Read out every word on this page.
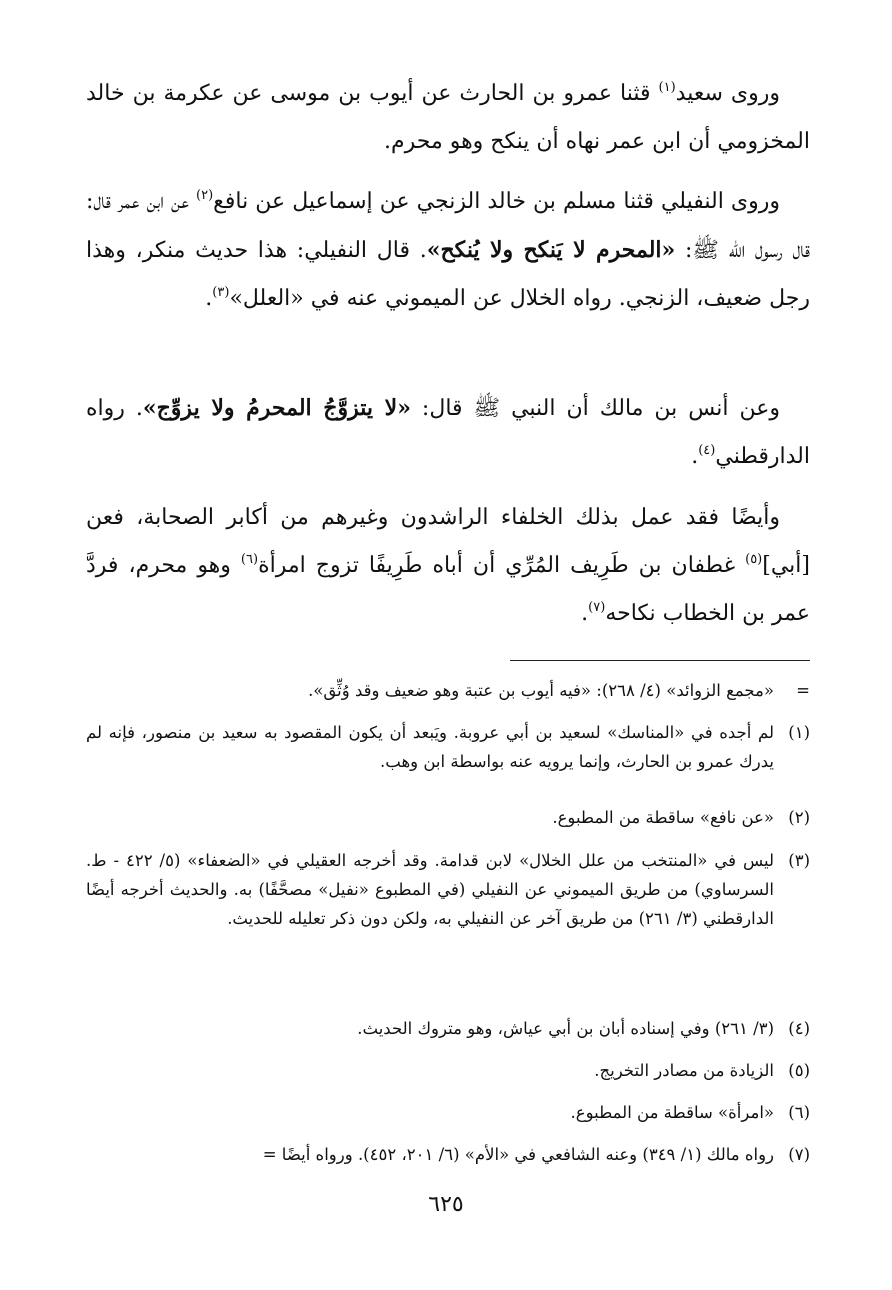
وروى سعيد$^{(١)}$ قثنا عمرو بن الحارث عن أيوب بن موسى عن عكرمة بن خالد المخزومي أن ابن عمر نهاه أن ينكح وهو محرم.

وروى النفيلي قثنا مسلم بن خالد الزنجي عن إسماعيل عن نافع$^{(٢)}$ عن ابن عمر قال: قال رسول الله ﷺ: «المحرم لا يَنكح ولا يُنكح». قال النفيلي: هذا حديث منكر، وهذا رجل ضعيف، الزنجي. رواه الخلال عن الميموني عنه في «العلل»$^{(٣)}$.

وعن أنس بن مالك أن النبي ﷺ قال: «لا يتزوَّجُ المحرمُ ولا يزوِّج». رواه الدارقطني$^{(٤)}$.

وأيضًا فقد عمل بذلك الخلفاء الراشدون وغيرهم من أكابر الصحابة، فعن [أبي]$^{(٥)}$ غطفان بن طَرِيف المُرِّي أن أباه طَرِيفًا تزوج امرأة$^{(٦)}$ وهو محرم، فردَّ عمر بن الخطاب نكاحه$^{(٧)}$.

=
«مجمع الزوائد» (٤/ ٢٦٨): «فيه أيوب بن عتبة وهو ضعيف وقد وُثِّق».
(١)
لم أجده في «المناسك» لسعيد بن أبي عروبة. ويَبعد أن يكون المقصود به سعيد بن منصور، فإنه لم يدرك عمرو بن الحارث، وإنما يرويه عنه بواسطة ابن وهب.
(٢)
«عن نافع» ساقطة من المطبوع.
(٣)
ليس في «المنتخب من علل الخلال» لابن قدامة. وقد أخرجه العقيلي في «الضعفاء» (٥/ ٤٢٢ - ط. السرساوي) من طريق الميموني عن النفيلي (في المطبوع «نفيل» مصحَّفًا) به. والحديث أخرجه أيضًا الدارقطني (٣/ ٢٦١) من طريق آخر عن النفيلي به، ولكن دون ذكر تعليله للحديث.
(٤)
(٣/ ٢٦١) وفي إسناده أبان بن أبي عياش، وهو متروك الحديث.
(٥)
الزيادة من مصادر التخريج.
(٦)
«امرأة» ساقطة من المطبوع.
(٧)
رواه مالك (١/ ٣٤٩) وعنه الشافعي في «الأم» (٦/ ٢٠١، ٤٥٢). ورواه أيضًا =
٦٢٥
